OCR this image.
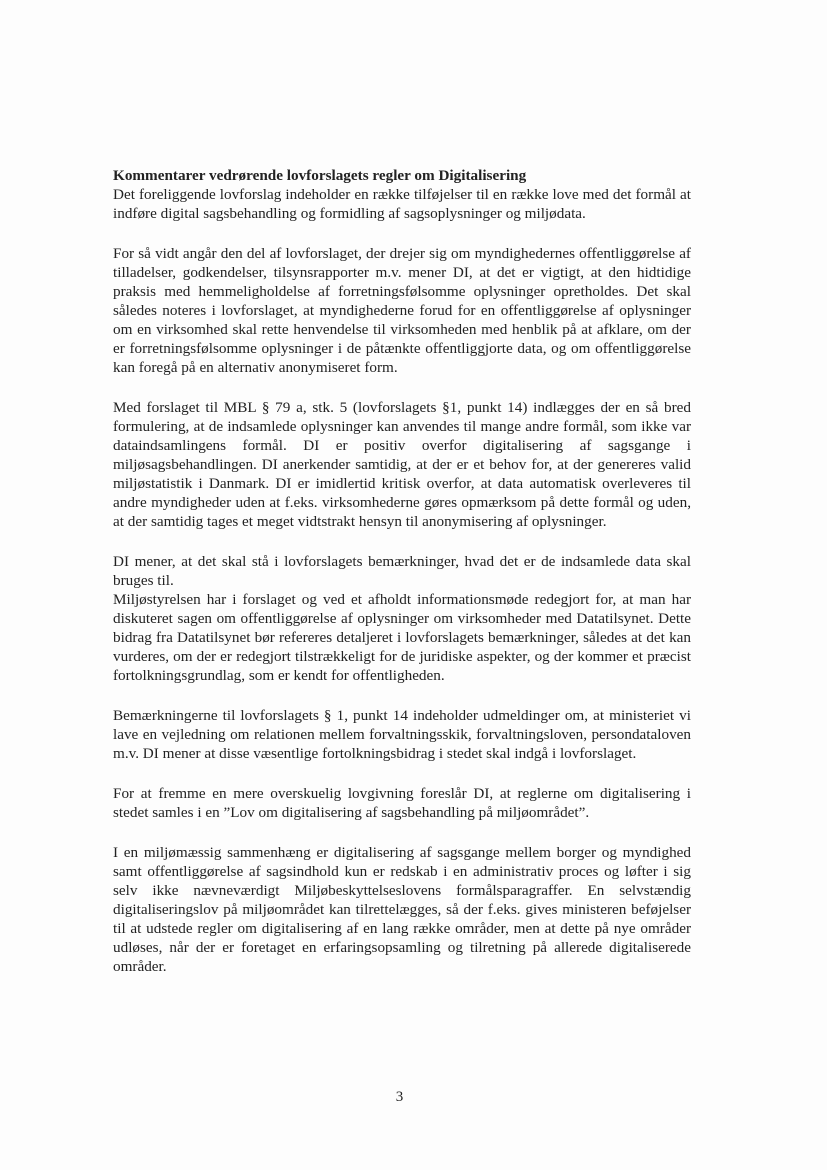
Kommentarer vedrørende lovforslagets regler om Digitalisering

Det foreliggende lovforslag indeholder en række tilføjelser til en række love med det formål at indføre digital sagsbehandling og formidling af sagsoplysninger og miljødata.

For så vidt angår den del af lovforslaget, der drejer sig om myndighedernes offentliggørelse af tilladelser, godkendelser, tilsynsrapporter m.v. mener DI, at det er vigtigt, at den hidtidige praksis med hemmeligholdelse af forretningsfølsomme oplysninger opretholdes. Det skal således noteres i lovforslaget, at myndighederne forud for en offentliggørelse af oplysninger om en virksomhed skal rette henvendelse til virksomheden med henblik på at afklare, om der er forretningsfølsomme oplysninger i de påtænkte offentliggjorte data, og om offentliggørelse kan foregå på en alternativ anonymiseret form.

Med forslaget til MBL § 79 a, stk. 5 (lovforslagets §1, punkt 14) indlægges der en så bred formulering, at de indsamlede oplysninger kan anvendes til mange andre formål, som ikke var dataindsamlingens formål. DI er positiv overfor digitalisering af sagsgange i miljøsagsbehandlingen. DI anerkender samtidig, at der er et behov for, at der genereres valid miljøstatistik i Danmark. DI er imidlertid kritisk overfor, at data automatisk overleveres til andre myndigheder uden at f.eks. virksomhederne gøres opmærksom på dette formål og uden, at der samtidig tages et meget vidtstrakt hensyn til anonymisering af oplysninger.

DI mener, at det skal stå i lovforslagets bemærkninger, hvad det er de indsamlede data skal bruges til.

Miljøstyrelsen har i forslaget og ved et afholdt informationsmøde redegjort for, at man har diskuteret sagen om offentliggørelse af oplysninger om virksomheder med Datatilsynet. Dette bidrag fra Datatilsynet bør refereres detaljeret i lovforslagets bemærkninger, således at det kan vurderes, om der er redegjort tilstrækkeligt for de juridiske aspekter, og der kommer et præcist fortolkningsgrundlag, som er kendt for offentligheden.

Bemærkningerne til lovforslagets § 1, punkt 14 indeholder udmeldinger om, at ministeriet vi lave en vejledning om relationen mellem forvaltningsskik, forvaltningsloven, persondataloven m.v. DI mener at disse væsentlige fortolkningsbidrag i stedet skal indgå i lovforslaget.

For at fremme en mere overskuelig lovgivning foreslår DI, at reglerne om digitalisering i stedet samles i en ”Lov om digitalisering af sagsbehandling på miljøområdet”.

I en miljømæssig sammenhæng er digitalisering af sagsgange mellem borger og myndighed samt offentliggørelse af sagsindhold kun er redskab i en administrativ proces og løfter i sig selv ikke nævneværdigt Miljøbeskyttelseslovens formålsparagraffer. En selvstændig digitaliseringslov på miljøområdet kan tilrettelægges, så der f.eks. gives ministeren beføjelser til at udstede regler om digitalisering af en lang række områder, men at dette på nye områder udløses, når der er foretaget en erfaringsopsamling og tilretning på allerede digitaliserede områder.

3
